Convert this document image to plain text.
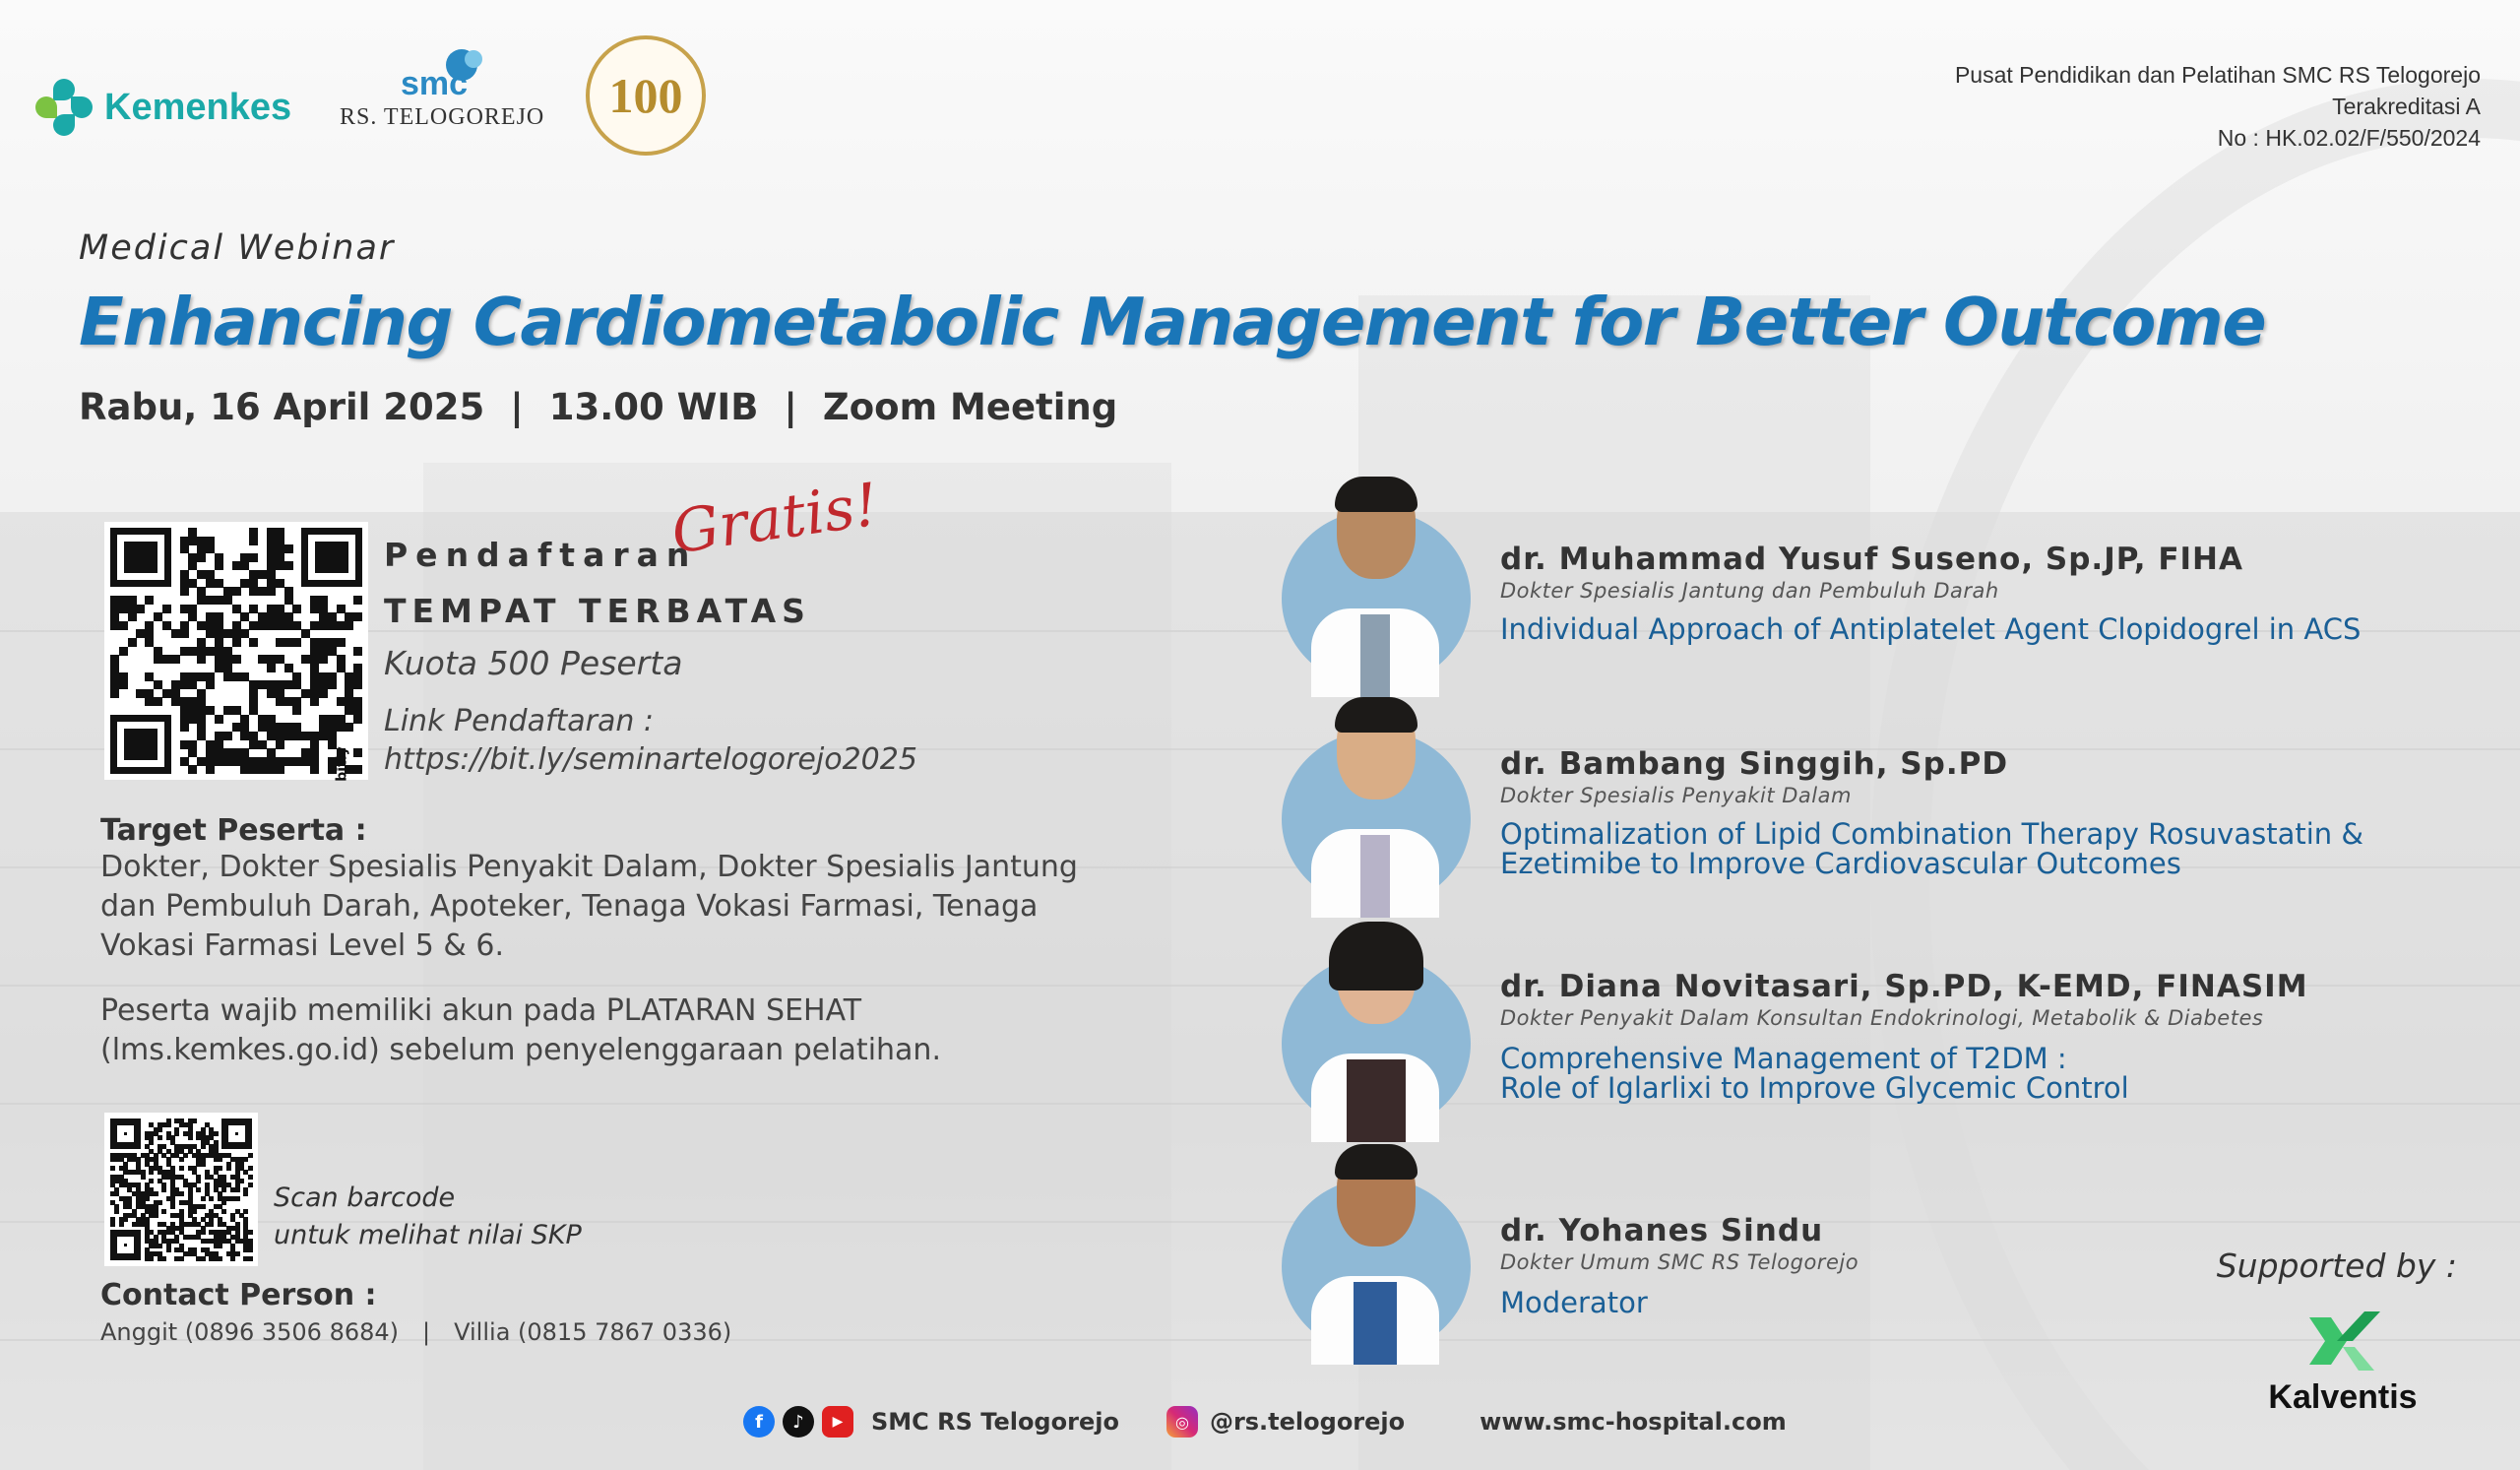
Kemenkes
smc
RS. TELOGOREJO 100	Pusat Pendidikan dan Pelatihan SMC RS Telogorejo
Terakreditasi A
No : HK.02.02/F/550/2024
Medical Webinar
Enhancing Cardiometabolic Management for Better Outcome
Rabu, 16 April 2025 | 13.00 WIB | Zoom Meeting
bitly
Pendaftaran
Gratis!
TEMPAT TERBATAS
Kuota 500 Peserta
Link Pendaftaran :
https://bit.ly/seminartelogorejo2025
Target Peserta :
Dokter, Dokter Spesialis Penyakit Dalam, Dokter Spesialis Jantung dan Pembuluh Darah, Apoteker, Tenaga Vokasi Farmasi, Tenaga Vokasi Farmasi Level 5 & 6.
Peserta wajib memiliki akun pada PLATARAN SEHAT (lms.kemkes.go.id) sebelum penyelenggaraan pelatihan.
Scan barcode
untuk melihat nilai SKP
Contact Person :
Anggit (0896 3506 8684) | Villia (0815 7867 0336)
dr. Muhammad Yusuf Suseno, Sp.JP, FIHA
Dokter Spesialis Jantung dan Pembuluh Darah
Individual Approach of Antiplatelet Agent Clopidogrel in ACS
dr. Bambang Singgih, Sp.PD
Dokter Spesialis Penyakit Dalam
Optimalization of Lipid Combination Therapy Rosuvastatin &
Ezetimibe to Improve Cardiovascular Outcomes
dr. Diana Novitasari, Sp.PD, K-EMD, FINASIM
Dokter Penyakit Dalam Konsultan Endokrinologi, Metabolik & Diabetes
Comprehensive Management of T2DM :
Role of Iglarlixi to Improve Glycemic Control
dr. Yohanes Sindu
Dokter Umum SMC RS Telogorejo
Moderator
Supported by :
Kalventis
f	♪	▶	SMC RS Telogorejo	◎ @rs.telogorejo	www.smc-hospital.com
